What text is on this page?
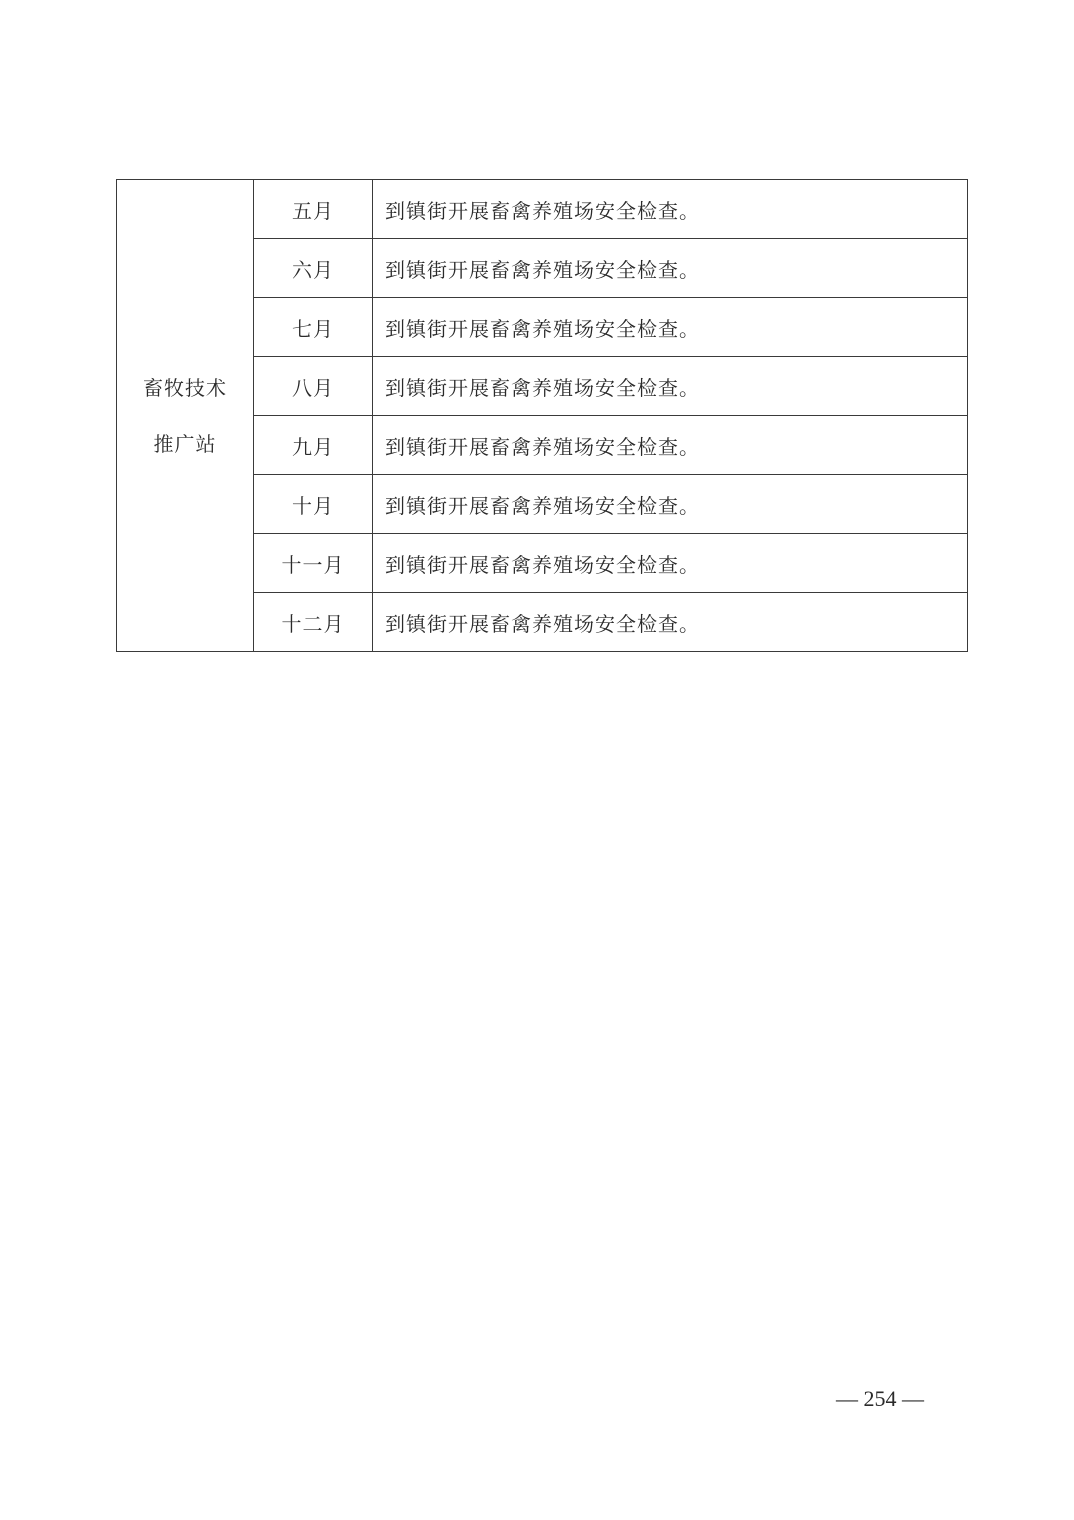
畜牧技术
推广站	五月	到镇街开展畜禽养殖场安全检查。
	六月	到镇街开展畜禽养殖场安全检查。
	七月	到镇街开展畜禽养殖场安全检查。
	八月	到镇街开展畜禽养殖场安全检查。
	九月	到镇街开展畜禽养殖场安全检查。
	十月	到镇街开展畜禽养殖场安全检查。
	十一月	到镇街开展畜禽养殖场安全检查。
	十二月	到镇街开展畜禽养殖场安全检查。
— 254 —
